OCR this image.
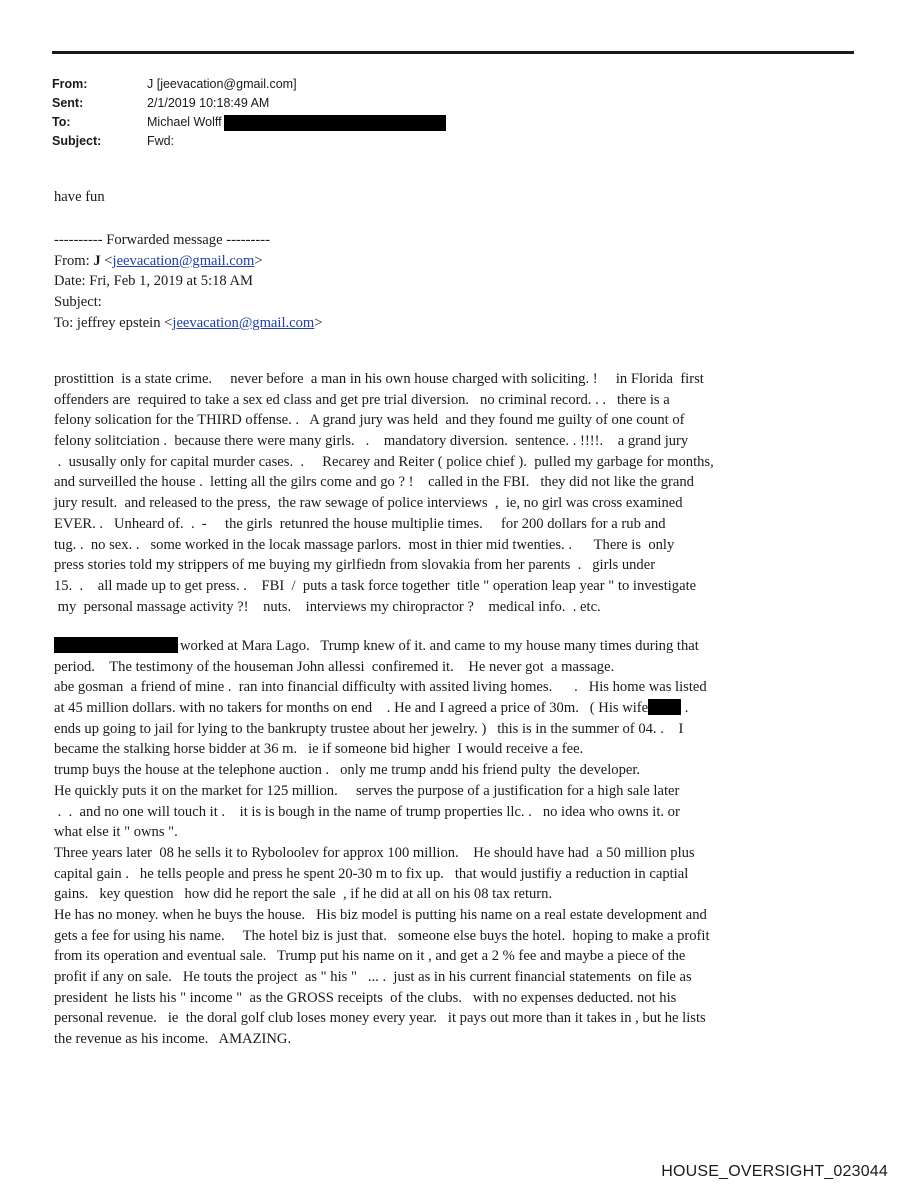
From:	J [jeevacation@gmail.com]
Sent:	2/1/2019 10:18:49 AM
To:	Michael Wolff
Subject:	Fwd:
have fun
---------- Forwarded message ---------
From: J <jeevacation@gmail.com>
Date: Fri, Feb 1, 2019 at 5:18 AM
Subject:
To: jeffrey epstein <jeevacation@gmail.com>
prostittion  is a state crime.     never before  a man in his own house charged with soliciting. !     in Florida  first
offenders are  required to take a sex ed class and get pre trial diversion.   no criminal record. . .   there is a
felony solication for the THIRD offense. .   A grand jury was held  and they found me guilty of one count of
felony solitciation .  because there were many girls.   .    mandatory diversion.  sentence. . !!!!.    a grand jury
.  ususally only for capital murder cases.  .     Recarey and Reiter ( police chief ).  pulled my garbage for months,
and surveilled the house .  letting all the gilrs come and go ? !    called in the FBI.   they did not like the grand
jury result.  and released to the press,  the raw sewage of police interviews  ,  ie, no girl was cross examined
EVER. .   Unheard of.  .  -     the girls  retunred the house multiplie times.     for 200 dollars for a rub and
tug. .  no sex. .   some worked in the locak massage parlors.  most in thier mid twenties. .      There is  only
press stories told my strippers of me buying my girlfiedn from slovakia from her parents  .   girls under
15.  .    all made up to get press. .    FBI  /  puts a task force together  title " operation leap year " to investigate
my  personal massage activity ?!    nuts.    interviews my chiropractor ?    medical info.  . etc.
worked at Mara Lago.   Trump knew of it. and came to my house many times during that
period.    The testimony of the houseman John allessi  confiremed it.    He never got  a massage.
abe gosman  a friend of mine .  ran into financial difficulty with assited living homes.      .   His home was listed
at 45 million dollars. with no takers for months on end    . He and I agreed a price of 30m.   ( His wife .
ends up going to jail for lying to the bankrupty trustee about her jewelry. )   this is in the summer of 04. .    I
became the stalking horse bidder at 36 m.   ie if someone bid higher  I would receive a fee.
trump buys the house at the telephone auction .   only me trump andd his friend pulty  the developer.
He quickly puts it on the market for 125 million.     serves the purpose of a justification for a high sale later
.  .  and no one will touch it .    it is is bough in the name of trump properties llc. .   no idea who owns it. or
what else it " owns ".
Three years later  08 he sells it to Rybolоolev for approx 100 million.    He should have had  a 50 million plus
capital gain .   he tells people and press he spent 20-30 m to fix up.   that would justifiy a reduction in captial
gains.   key question   how did he report the sale  , if he did at all on his 08 tax return.
He has no money. when he buys the house.   His biz model is putting his name on a real estate development and
gets a fee for using his name.     The hotel biz is just that.   someone else buys the hotel.  hoping to make a profit
from its operation and eventual sale.   Trump put his name on it , and get a 2 % fee and maybe a piece of the
profit if any on sale.   He touts the project  as " his "   ... .  just as in his current financial statements  on file as
president  he lists his " income "  as the GROSS receipts  of the clubs.   with no expenses deducted. not his
personal revenue.   ie  the doral golf club loses money every year.   it pays out more than it takes in , but he lists
the revenue as his income.   AMAZING.
HOUSE_OVERSIGHT_023044
